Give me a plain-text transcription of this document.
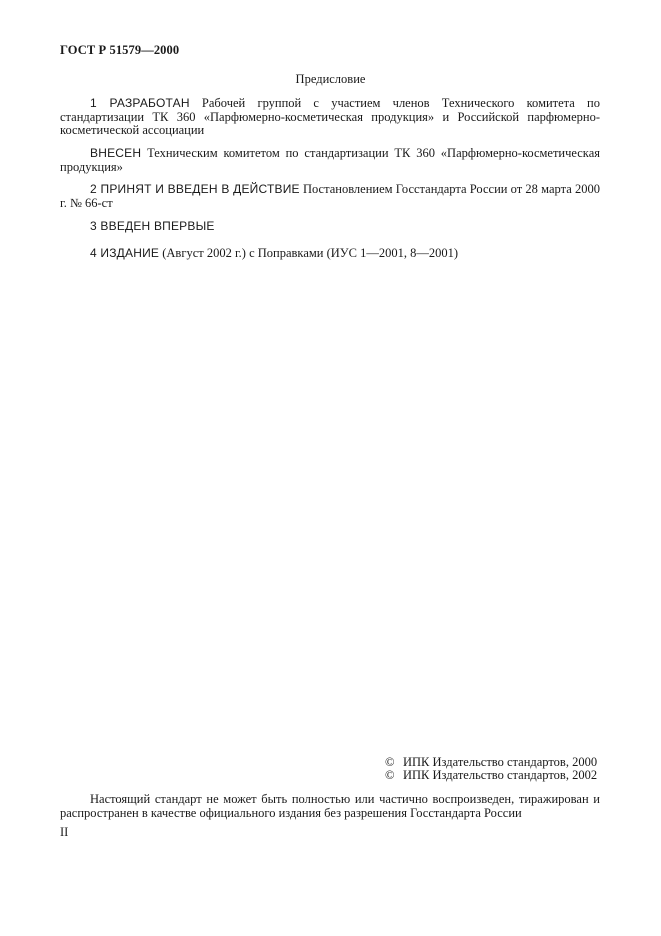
ГОСТ Р 51579—2000
Предисловие
1 РАЗРАБОТАН Рабочей группой с участием членов Технического комитета по стандартизации ТК 360 «Парфюмерно-косметическая продукция» и Российской парфюмерно-косметической ассоциации
ВНЕСЕН Техническим комитетом по стандартизации ТК 360 «Парфюмерно-косметическая продукция»
2 ПРИНЯТ И ВВЕДЕН В ДЕЙСТВИЕ Постановлением Госстандарта России от 28 марта 2000 г. № 66-ст
3 ВВЕДЕН ВПЕРВЫЕ
4 ИЗДАНИЕ (Август 2002 г.) с Поправками (ИУС 1—2001, 8—2001)
© ИПК Издательство стандартов, 2000
© ИПК Издательство стандартов, 2002
Настоящий стандарт не может быть полностью или частично воспроизведен, тиражирован и распространен в качестве официального издания без разрешения Госстандарта России
II
